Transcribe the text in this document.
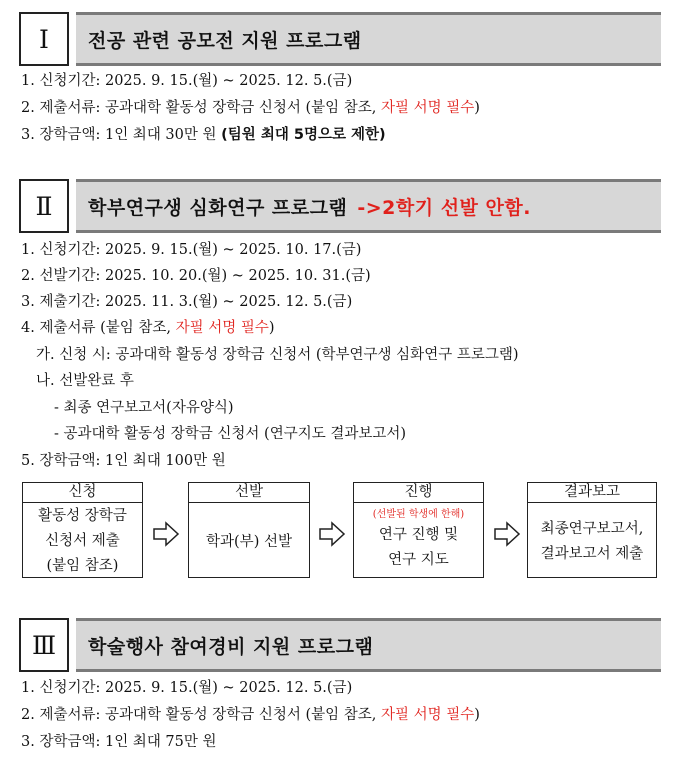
Ⅰ	전공 관련 공모전 지원 프로그램
1. 신청기간: 2025. 9. 15.(월) ~ 2025. 12. 5.(금)
2. 제출서류: 공과대학 활동성 장학금 신청서 (붙임 참조, 자필 서명 필수)
3. 장학금액: 1인 최대 30만 원 (팀원 최대 5명으로 제한)
Ⅱ	학부연구생 심화연구 프로그램 ->2학기 선발 안함.
1. 신청기간: 2025. 9. 15.(월) ~ 2025. 10. 17.(금)
2. 선발기간: 2025. 10. 20.(월) ~ 2025. 10. 31.(금)
3. 제출기간: 2025. 11. 3.(월) ~ 2025. 12. 5.(금)
4. 제출서류 (붙임 참조, 자필 서명 필수)
가. 신청 시: 공과대학 활동성 장학금 신청서 (학부연구생 심화연구 프로그램)
나. 선발완료 후
- 최종 연구보고서(자유양식)
- 공과대학 활동성 장학금 신청서 (연구지도 결과보고서)
5. 장학금액: 1인 최대 100만 원
신청
활동성 장학금
신청서 제출
(붙임 참조)
선발
학과(부) 선발
진행
(선발된 학생에 한해)
연구 진행 및
연구 지도
결과보고
최종연구보고서,
결과보고서 제출
Ⅲ	학술행사 참여경비 지원 프로그램
1. 신청기간: 2025. 9. 15.(월) ~ 2025. 12. 5.(금)
2. 제출서류: 공과대학 활동성 장학금 신청서 (붙임 참조, 자필 서명 필수)
3. 장학금액: 1인 최대 75만 원
